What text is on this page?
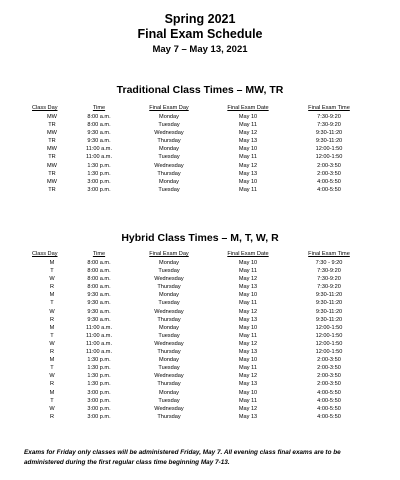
Spring 2021
Final Exam Schedule
May 7 – May 13, 2021
Traditional Class Times – MW, TR
Class Day	Time	Final Exam Day	Final Exam Date	Final Exam Time
MW	8:00 a.m.	Monday	May 10	7:30-9:20
TR	8:00 a.m.	Tuesday	May 11	7:30-9:20
MW	9:30 a.m.	Wednesday	May 12	9:30-11:20
TR	9:30 a.m.	Thursday	May 13	9:30-11:20
MW	11:00 a.m.	Monday	May 10	12:00-1:50
TR	11:00 a.m.	Tuesday	May 11	12:00-1:50
MW	1:30 p.m.	Wednesday	May 12	2:00-3:50
TR	1:30 p.m.	Thursday	May 13	2:00-3:50
MW	3:00 p.m.	Monday	May 10	4:00-5:50
TR	3:00 p.m.	Tuesday	May 11	4:00-5:50
Hybrid Class Times – M, T, W, R
Class Day	Time	Final Exam Day	Final Exam Date	Final Exam Time
M	8:00 a.m.	Monday	May 10	7:30 - 9:20
T	8:00 a.m.	Tuesday	May 11	7:30-9:20
W	8:00 a.m.	Wednesday	May 12	7:30-9:20
R	8:00 a.m.	Thursday	May 13	7:30-9:20
M	9:30 a.m.	Monday	May 10	9:30-11:20
T	9:30 a.m.	Tuesday	May 11	9:30-11:20
W	9:30 a.m.	Wednesday	May 12	9:30-11:20
R	9:30 a.m.	Thursday	May 13	9:30-11:20
M	11:00 a.m.	Monday	May 10	12:00-1:50
T	11:00 a.m.	Tuesday	May 11	12:00-1:50
W	11:00 a.m.	Wednesday	May 12	12:00-1:50
R	11:00 a.m.	Thursday	May 13	12:00-1:50
M	1:30 p.m.	Monday	May 10	2:00-3:50
T	1:30 p.m.	Tuesday	May 11	2:00-3:50
W	1:30 p.m.	Wednesday	May 12	2:00-3:50
R	1:30 p.m.	Thursday	May 13	2:00-3:50
M	3:00 p.m.	Monday	May 10	4:00-5:50
T	3:00 p.m.	Tuesday	May 11	4:00-5:50
W	3:00 p.m.	Wednesday	May 12	4:00-5:50
R	3:00 p.m.	Thursday	May 13	4:00-5:50
Exams for Friday only classes will be administered Friday, May 7. All evening class final exams are to be administered during the first regular class time beginning May 7-13.
